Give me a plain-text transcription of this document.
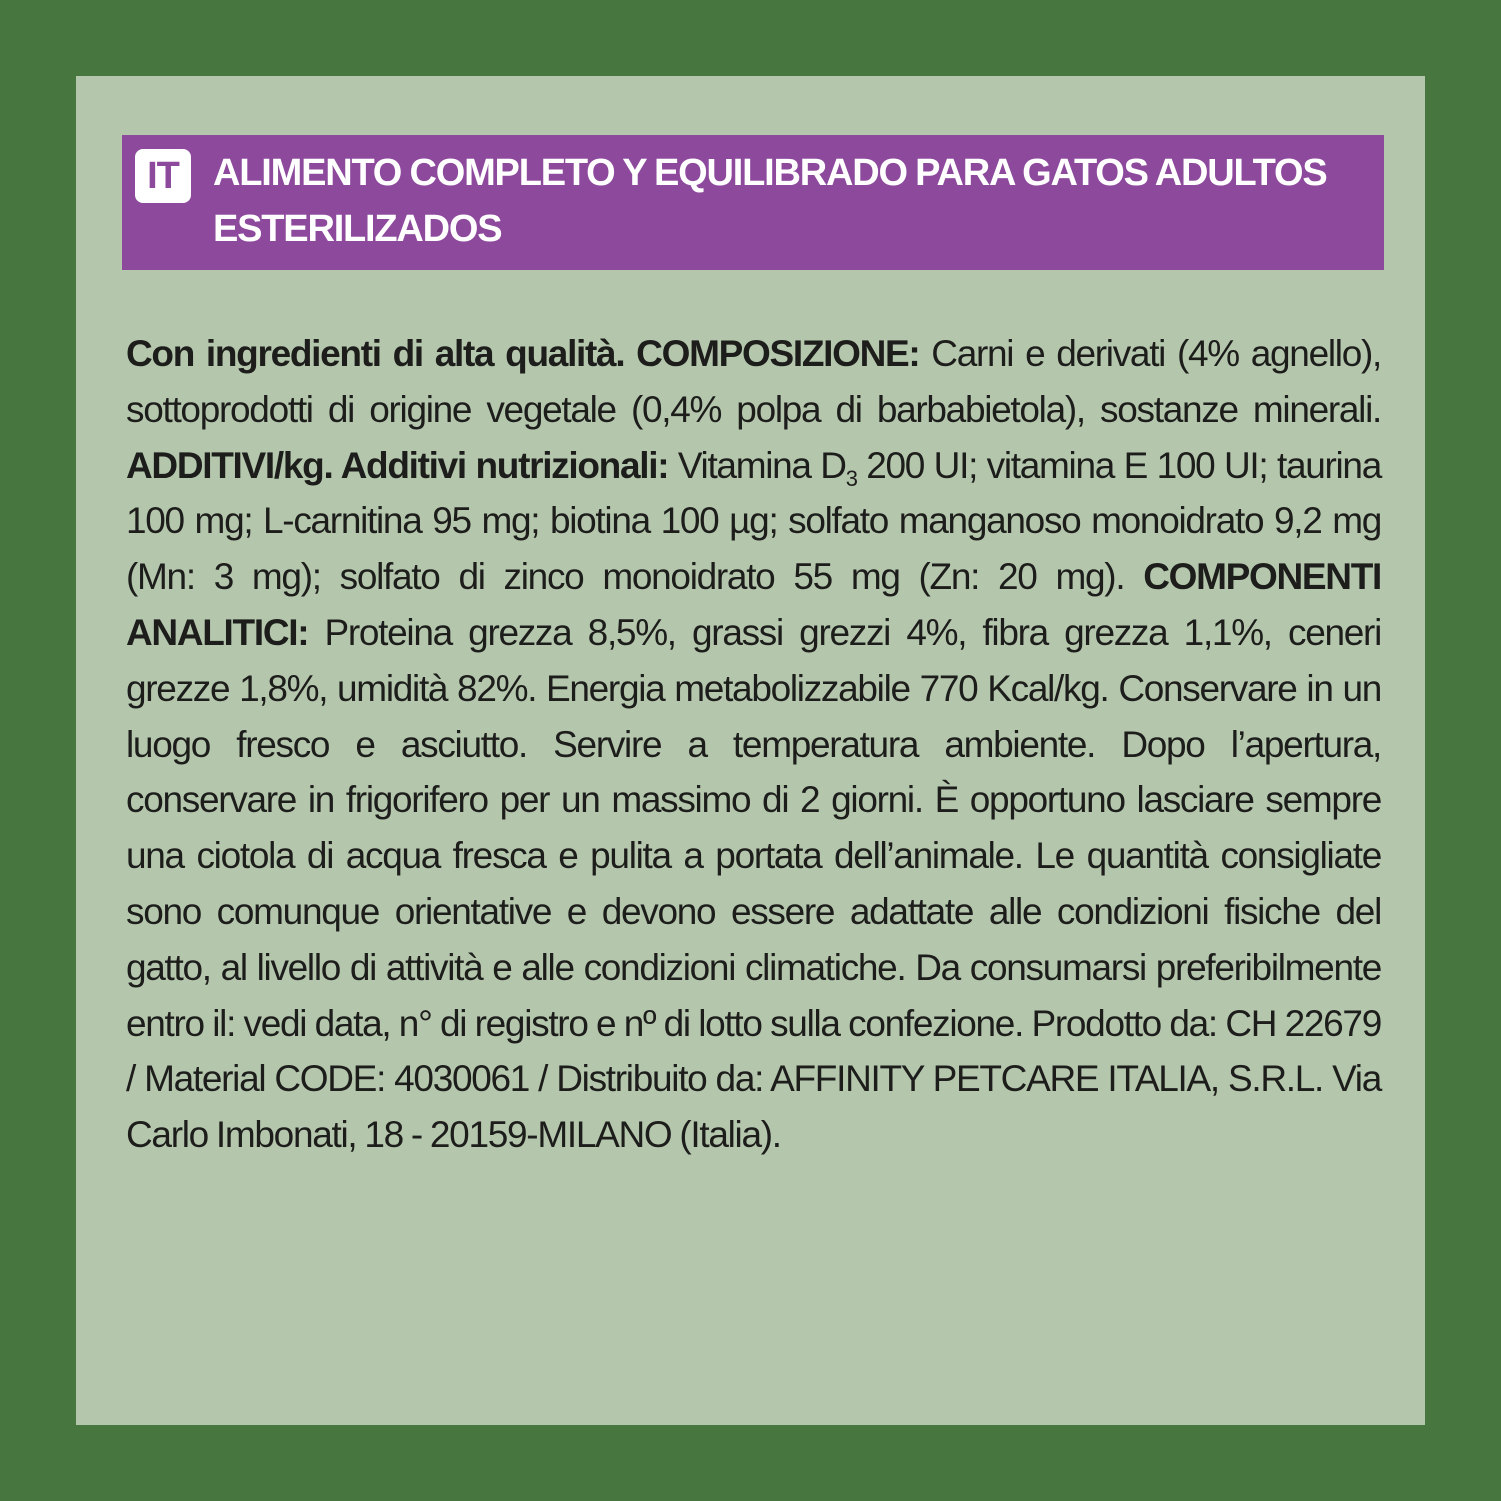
IT ALIMENTO COMPLETO Y EQUILIBRADO PARA GATOS ADULTOS ESTERILIZADOS

Con ingredienti di alta qualità. COMPOSIZIONE: Carni e derivati (4% agnello), sottoprodotti di origine vegetale (0,4% polpa di barbabietola), sostanze minerali. ADDITIVI/kg. Additivi nutrizionali: Vitamina $D_3$ 200 UI; vitamina E 100 UI; taurina 100 mg; L-carnitina 95 mg; biotina 100 µg; solfato manganoso monoidrato 9,2 mg (Mn: 3 mg); solfato di zinco monoidrato 55 mg (Zn: 20 mg). COMPONENTI ANALITICI: Proteina grezza 8,5%, grassi grezzi 4%, fibra grezza 1,1%, ceneri grezze 1,8%, umidità 82%. Energia metabolizzabile 770 Kcal/kg. Conservare in un luogo fresco e asciutto. Servire a temperatura ambiente. Dopo l’apertura, conservare in frigorifero per un massimo di 2 giorni. È opportuno lasciare sempre una ciotola di acqua fresca e pulita a portata dell’animale. Le quantità consigliate sono comunque orientative e devono essere adattate alle condizioni fisiche del gatto, al livello di attività e alle condizioni climatiche. Da consumarsi preferibilmente entro il: vedi data, n° di registro e nº di lotto sulla confezione. Prodotto da: CH 22679 / Material CODE: 4030061 / Distribuito da: AFFINITY PETCARE ITALIA, S.R.L. Via Carlo Imbonati, 18 - 20159-MILANO (Italia).
